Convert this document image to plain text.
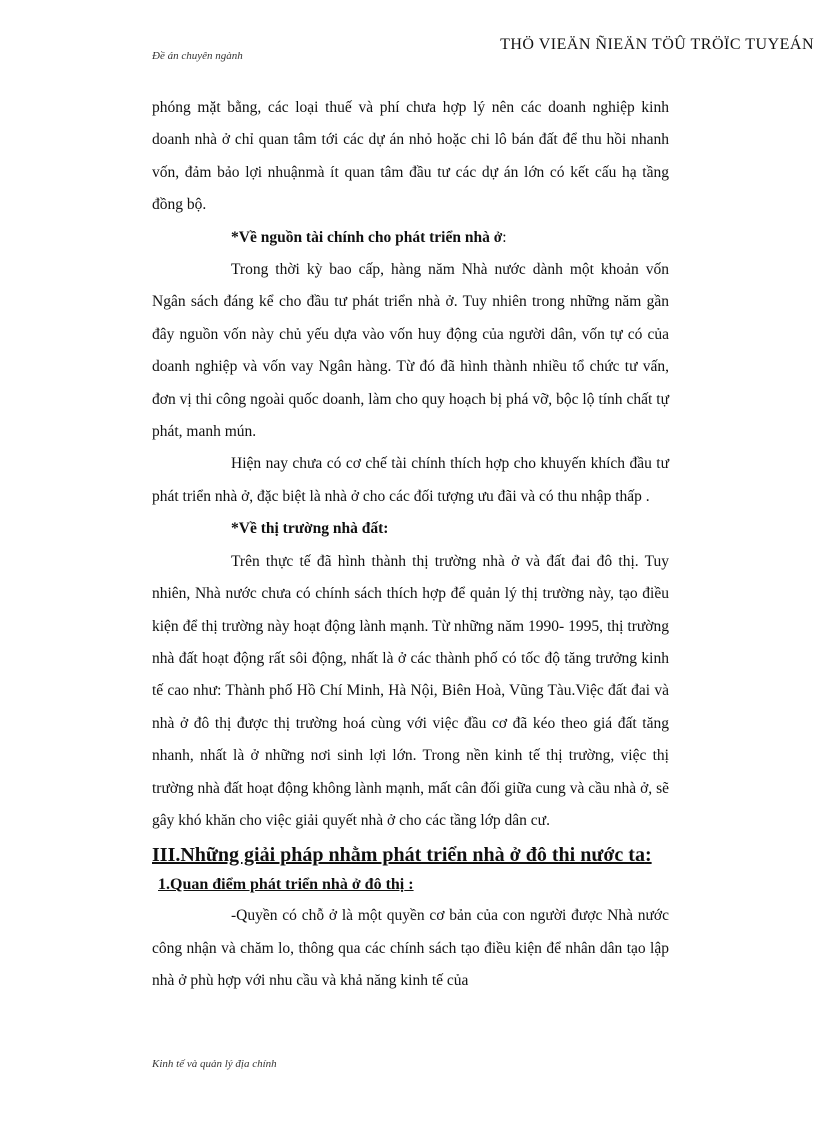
Đề án chuyên ngành
THÖ VIEÄN ÑIEÄN TÖÛ TRÖÏC TUYEÁN

phóng mặt bằng, các loại thuế và phí chưa hợp lý nên các doanh nghiệp kinh doanh nhà ở chỉ quan tâm tới các dự án nhỏ hoặc chi lô bán đất để thu hồi nhanh vốn, đảm bảo lợi nhuậnmà ít quan tâm đầu tư các dự án lớn có kết cấu hạ tầng đồng bộ.

*Về nguồn tài chính cho phát triển nhà ở:

Trong thời kỳ bao cấp, hàng năm Nhà nước dành một khoản vốn Ngân sách đáng kể cho đầu tư phát triển nhà ở. Tuy nhiên trong những năm gần đây nguồn vốn này chủ yếu dựa vào vốn huy động của người dân, vốn tự có của doanh nghiệp và vốn vay Ngân hàng. Từ đó đã hình thành nhiều tổ chức tư vấn, đơn vị thi công ngoài quốc doanh, làm cho quy hoạch bị phá vỡ, bộc lộ tính chất tự phát, manh mún.

Hiện nay chưa có cơ chế tài chính thích hợp cho khuyến khích đầu tư phát triển nhà ở, đặc biệt là nhà ở cho các đối tượng ưu đãi và có thu nhập thấp .

*Về thị trường nhà đất:

Trên thực tế đã hình thành thị trường nhà ở và đất đai đô thị. Tuy nhiên, Nhà nước chưa có chính sách thích hợp để quản lý thị trường này, tạo điều kiện để thị trường này hoạt động lành mạnh. Từ những năm 1990- 1995, thị trường nhà đất hoạt động rất sôi động, nhất là ở các thành phố có tốc độ tăng trưởng kinh tế cao như: Thành phố Hồ Chí Minh, Hà Nội, Biên Hoà, Vũng Tàu.Việc đất đai và nhà ở đô thị được thị trường hoá cùng với việc đầu cơ đã kéo theo giá đất tăng nhanh, nhất là ở những nơi sinh lợi lớn. Trong nền kinh tế thị trường, việc thị trường nhà đất hoạt động không lành mạnh, mất cân đối giữa cung và cầu nhà ở, sẽ gây khó khăn cho việc giải quyết nhà ở cho các tầng lớp dân cư.

III.Những giải pháp nhằm phát triển nhà ở đô thi nước ta:

1.Quan điểm phát triển nhà ở đô thị :

-Quyền có chỗ ở là một quyền cơ bản của con người được Nhà nước công nhận và chăm lo, thông qua các chính sách tạo điều kiện để nhân dân tạo lập nhà ở phù hợp với nhu cầu và khả năng kinh tế của

Kinh tế và quản lý địa chính
